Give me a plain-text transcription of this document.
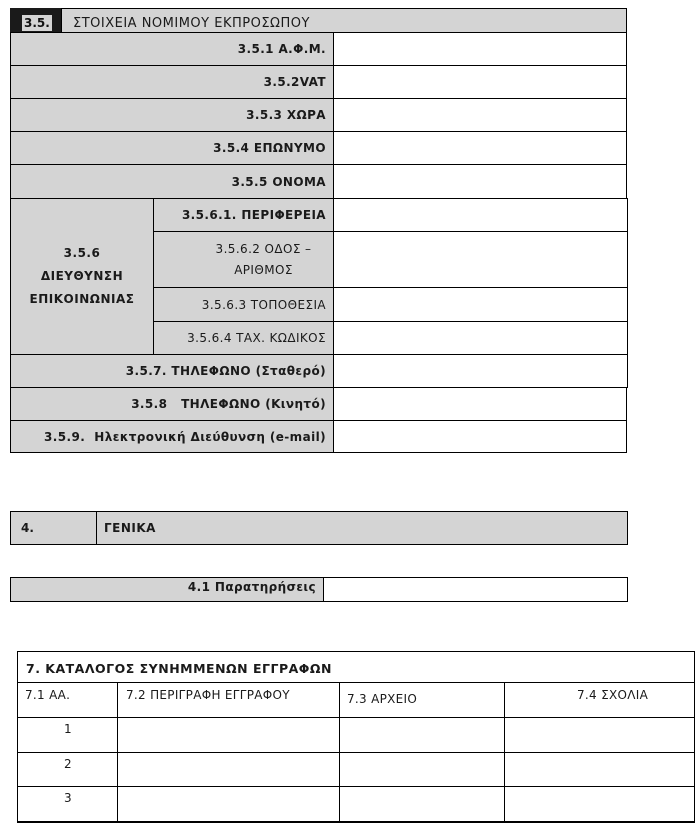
3.5. ΣΤΟΙΧΕΙΑ ΝΟΜΙΜΟΥ ΕΚΠΡΟΣΩΠΟΥ
3.5.1 Α.Φ.Μ.
3.5.2VAT
3.5.3 ΧΩΡΑ
3.5.4 ΕΠΩΝΥΜΟ
3.5.5 ΟΝΟΜΑ
3.5.6
ΔΙΕΥΘΥΝΣΗ
ΕΠΙΚΟΙΝΩΝΙΑΣ
3.5.6.1. ΠΕΡΙΦΕΡΕΙΑ
3.5.6.2 ΟΔΟΣ –
ΑΡΙΘΜΟΣ
3.5.6.3 ΤΟΠΟΘΕΣΙΑ
3.5.6.4 ΤΑΧ. ΚΩΔΙΚΟΣ
3.5.7. ΤΗΛΕΦΩΝΟ (Σταθερό)
3.5.8   ΤΗΛΕΦΩΝΟ (Κινητό)
3.5.9.  Ηλεκτρονική Διεύθυνση (e-mail)
4.	ΓΕΝΙΚΑ
4.1 Παρατηρήσεις
7. ΚΑΤΑΛΟΓΟΣ ΣΥΝΗΜΜΕΝΩΝ ΕΓΓΡΑΦΩΝ
7.1 ΑΑ.	7.2 ΠΕΡΙΓΡΑΦΗ ΕΓΓΡΑΦΟΥ	7.3 ΑΡΧΕΙΟ	7.4 ΣΧΟΛΙΑ
1
2
3
